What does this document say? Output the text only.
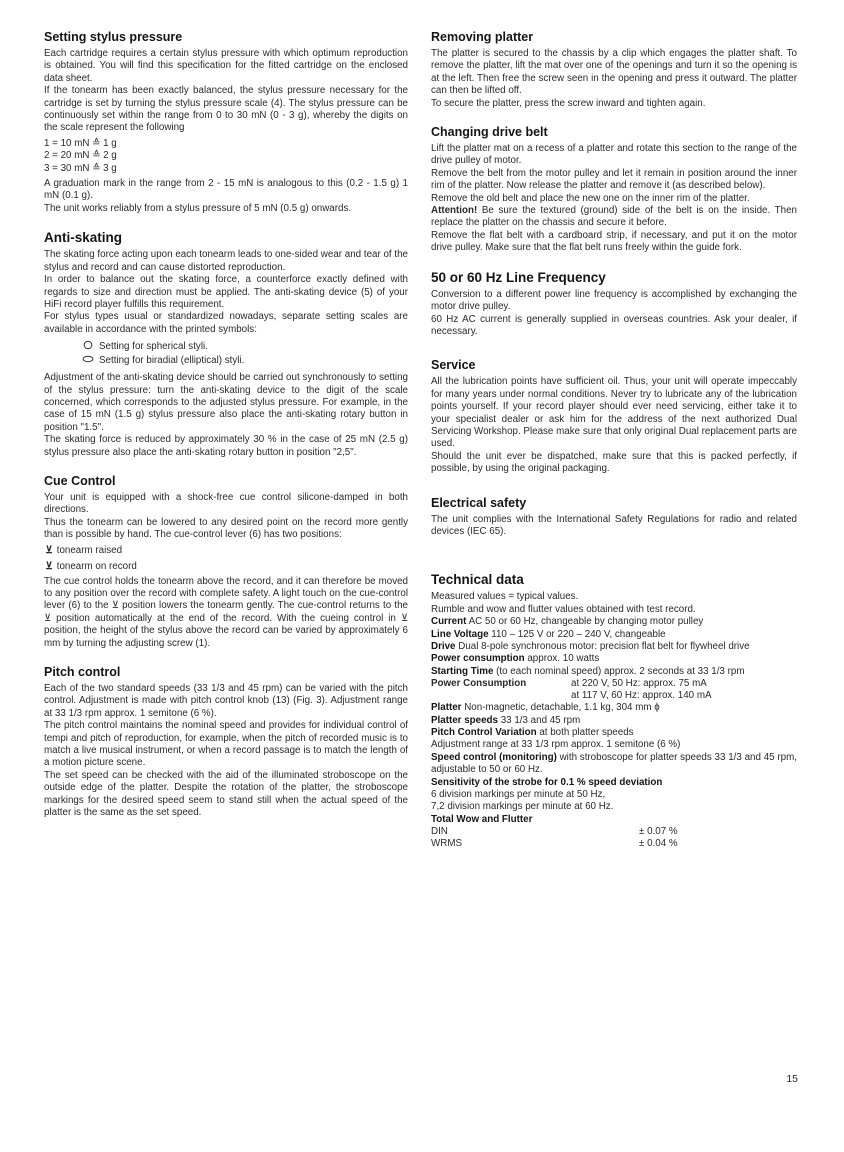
Setting stylus pressure

Each cartridge requires a certain stylus pressure with which optimum reproduction is obtained. You will find this specification for the fitted cartridge on the enclosed data sheet.

If the tonearm has been exactly balanced, the stylus pressure necessary for the cartridge is set by turning the stylus pressure scale (4). The stylus pressure can be continuously set within the range from 0 to 30 mN (0 - 3 g), whereby the digits on the scale represent the following

1 = 10 mN ≙ 1 g

2 = 20 mN ≙ 2 g

3 = 30 mN ≙ 3 g

A graduation mark in the range from 2 - 15 mN is analogous to this (0.2 - 1.5 g) 1 mN (0.1 g).

The unit works reliably from a stylus pressure of 5 mN (0.5 g) onwards.

Anti-skating

The skating force acting upon each tonearm leads to one-sided wear and tear of the stylus and record and can cause distorted reproduction.

In order to balance out the skating force, a counterforce exactly defined with regards to size and direction must be applied. The anti-skating device (5) of your HiFi record player fulfills this requirement.

For stylus types usual or standardized nowadays, separate setting scales are available in accordance with the printed symbols:

Setting for spherical styli.
Setting for biradial (elliptical) styli.

Adjustment of the anti-skating device should be carried out synchronously to setting of the stylus pressure: turn the anti-skating device to the digit of the scale concerned, which corresponds to the adjusted stylus pressure. For example, in the case of 15 mN (1.5 g) stylus pressure also place the anti-skating rotary button in position "1.5".

The skating force is reduced by approximately 30 % in the case of 25 mN (2.5 g) stylus pressure also place the anti-skating rotary button in position "2,5".

Cue Control

Your unit is equipped with a shock-free cue control silicone-damped in both directions.

Thus the tonearm can be lowered to any desired point on the record more gently than is possible by hand. The cue-control lever (6) has two positions:

⊻ tonearm raised
⊻ tonearm on record

The cue control holds the tonearm above the record, and it can therefore be moved to any position over the record with complete safety. A light touch on the cue-control lever (6) to the ⊻ position lowers the tonearm gently. The cue-control returns to the ⊻ position automatically at the end of the record. With the cueing control in ⊻ position, the height of the stylus above the record can be varied by approximately 6 mm by turning the adjusting screw (1).

Pitch control

Each of the two standard speeds (33 1/3 and 45 rpm) can be varied with the pitch control. Adjustment is made with pitch control knob (13) (Fig. 3). Adjustment range at 33 1/3 rpm approx. 1 semitone (6 %).

The pitch control maintains the nominal speed and provides for individual control of tempi and pitch of reproduction, for example, when the pitch of recorded music is to match a live musical instrument, or when a record passage is to match the length of a motion picture scene.

The set speed can be checked with the aid of the illuminated stroboscope on the outside edge of the platter. Despite the rotation of the platter, the stroboscope markings for the desired speed seem to stand still when the actual speed of the platter is the same as the set speed.

Removing platter

The platter is secured to the chassis by a clip which engages the platter shaft. To remove the platter, lift the mat over one of the openings and turn it so the opening is at the left. Then free the screw seen in the opening and press it outward. The platter can then be lifted off.

To secure the platter, press the screw inward and tighten again.

Changing drive belt

Lift the platter mat on a recess of a platter and rotate this section to the range of the drive pulley of motor.

Remove the belt from the motor pulley and let it remain in position around the inner rim of the platter. Now release the platter and remove it (as described below).

Remove the old belt and place the new one on the inner rim of the platter.

Attention! Be sure the textured (ground) side of the belt is on the inside. Then replace the platter on the chassis and secure it before.

Remove the flat belt with a cardboard strip, if necessary, and put it on the motor drive pulley. Make sure that the flat belt runs freely within the guide fork.

50 or 60 Hz Line Frequency

Conversion to a different power line frequency is accomplished by exchanging the motor drive pulley.

60 Hz AC current is generally supplied in overseas countries. Ask your dealer, if necessary.

Service

All the lubrication points have sufficient oil. Thus, your unit will operate impeccably for many years under normal conditions. Never try to lubricate any of the lubrication points yourself. If your record player should ever need servicing, either take it to your specialist dealer or ask him for the address of the next authorized Dual Servicing Workshop. Please make sure that only original Dual replacement parts are used.

Should the unit ever be dispatched, make sure that this is packed perfectly, if possible, by using the original packaging.

Electrical safety

The unit complies with the International Safety Regulations for radio and related devices (IEC 65).

Technical data

Measured values = typical values.

Rumble and wow and flutter values obtained with test record.

Current AC 50 or 60 Hz, changeable by changing motor pulley

Line Voltage 110 – 125 V or 220 – 240 V, changeable

Drive Dual 8-pole synchronous motor: precision flat belt for flywheel drive

Power consumption approx. 10 watts

Starting Time (to each nominal speed) approx. 2 seconds at 33 1/3 rpm

Power Consumption	at 220 V, 50 Hz: approx. 75 mA
at 117 V, 60 Hz: approx. 140 mA

Platter Non-magnetic, detachable, 1.1 kg, 304 mm ϕ

Platter speeds 33 1/3 and 45 rpm

Pitch Control Variation at both platter speeds

Adjustment range at 33 1/3 rpm approx. 1 semitone (6 %)

Speed control (monitoring) with stroboscope for platter speeds 33 1/3 and 45 rpm, adjustable to 50 or 60 Hz.

Sensitivity of the strobe for 0.1 % speed deviation

6 division markings per minute at 50 Hz,

7,2 division markings per minute at 60 Hz.

Total Wow and Flutter

DIN	± 0.07 %
WRMS	± 0.04 %
15
